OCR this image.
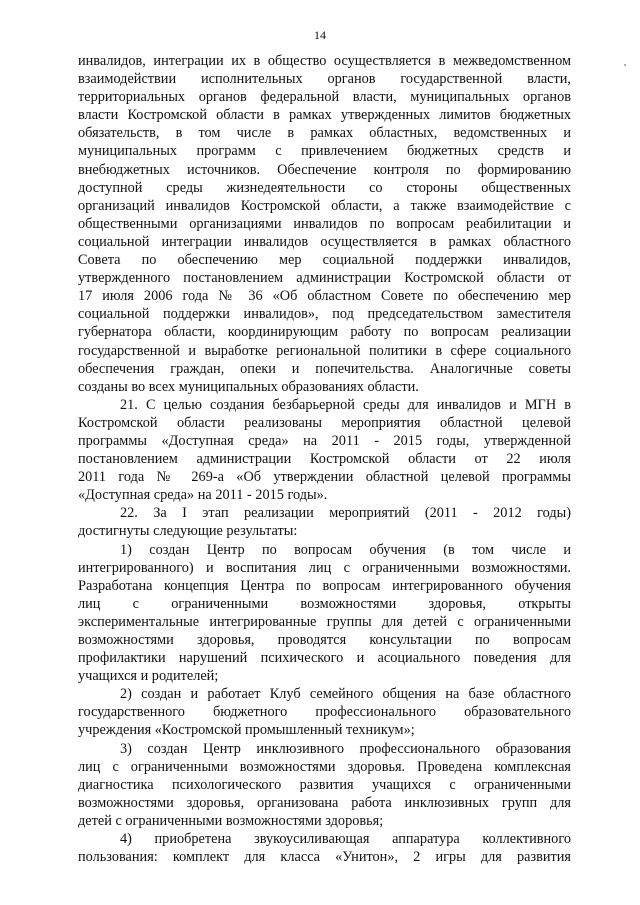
14
инвалидов, интеграции их в общество осуществляется в межведомственном
взаимодействии исполнительных органов государственной власти,
территориальных органов федеральной власти, муниципальных органов
власти Костромской области в рамках утвержденных лимитов бюджетных
обязательств, в том числе в рамках областных, ведомственных и
муниципальных программ с привлечением бюджетных средств и
внебюджетных источников. Обеспечение контроля по формированию
доступной среды жизнедеятельности со стороны общественных
организаций инвалидов Костромской области, а также взаимодействие с
общественными организациями инвалидов по вопросам реабилитации и
социальной интеграции инвалидов осуществляется в рамках областного
Совета по обеспечению мер социальной поддержки инвалидов,
утвержденного постановлением администрации Костромской области от
17 июля 2006 года № 36 «Об областном Совете по обеспечению мер
социальной поддержки инвалидов», под председательством заместителя
губернатора области, координирующим работу по вопросам реализации
государственной и выработке региональной политики в сфере социального
обеспечения граждан, опеки и попечительства. Аналогичные советы
созданы во всех муниципальных образованиях области.
21. С целью создания безбарьерной среды для инвалидов и МГН в
Костромской области реализованы мероприятия областной целевой
программы «Доступная среда» на 2011 - 2015 годы, утвержденной
постановлением администрации Костромской области от 22 июля
2011 года № 269-а «Об утверждении областной целевой программы
«Доступная среда» на 2011 - 2015 годы».
22. За I этап реализации мероприятий (2011 - 2012 годы)
достигнуты следующие результаты:
1) создан Центр по вопросам обучения (в том числе и
интегрированного) и воспитания лиц с ограниченными возможностями.
Разработана концепция Центра по вопросам интегрированного обучения
лиц с ограниченными возможностями здоровья, открыты
экспериментальные интегрированные группы для детей с ограниченными
возможностями здоровья, проводятся консультации по вопросам
профилактики нарушений психического и асоциального поведения для
учащихся и родителей;
2) создан и работает Клуб семейного общения на базе областного
государственного бюджетного профессионального образовательного
учреждения «Костромской промышленный техникум»;
3) создан Центр инклюзивного профессионального образования
лиц с ограниченными возможностями здоровья. Проведена комплексная
диагностика психологического развития учащихся с ограниченными
возможностями здоровья, организована работа инклюзивных групп для
детей с ограниченными возможностями здоровья;
4) приобретена звукоусиливающая аппаратура коллективного
пользования: комплект для класса «Унитон», 2 игры для развития
